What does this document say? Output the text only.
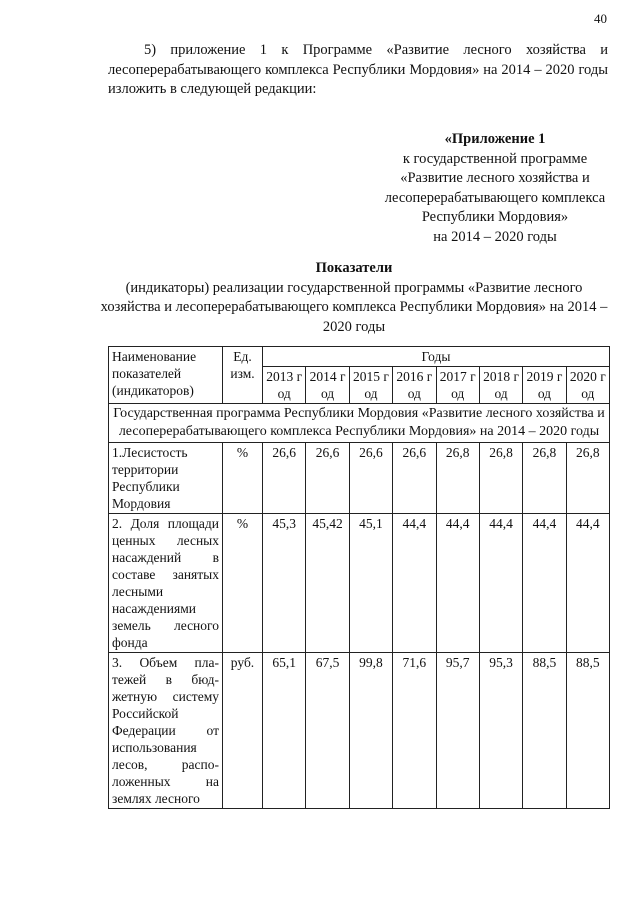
40
5) приложение 1 к Программе «Развитие лесного хозяйства и лесоперерабатывающего комплекса Республики Мордовия» на 2014 – 2020 годы изложить в следующей редакции:
«Приложение 1
к государственной программе
«Развитие лесного хозяйства и
лесоперерабатывающего комплекса
Республики Мордовия»
на 2014 – 2020 годы
Показатели
(индикаторы) реализации государственной программы «Развитие лесного хозяйства и лесоперерабатывающего комплекса Республики Мордовия» на 2014 – 2020 годы
Наименование показателей (индикаторов)	Ед. изм.	Годы							
		2013 год	2014 год	2015 год	2016 год	2017 год	2018 год	2019 год	2020 год
Государственная программа Республики Мордовия «Развитие лесного хозяйства и лесоперерабатывающего комплекса Республики Мордовия» на 2014 – 2020 годы									
1.Лесистость территории Республики Мордовия	%	26,6	26,6	26,6	26,6	26,8	26,8	26,8	26,8
2. Доля площади ценных лесных насаждений в составе занятых лесными насаждениями земель лесного фонда	%	45,3	45,42	45,1	44,4	44,4	44,4	44,4	44,4
3. Объем пла-тежей в бюд-жетную систему Российской Федерации от использования лесов, распо-ложенных на землях лесного	руб.	65,1	67,5	99,8	71,6	95,7	95,3	88,5	88,5
